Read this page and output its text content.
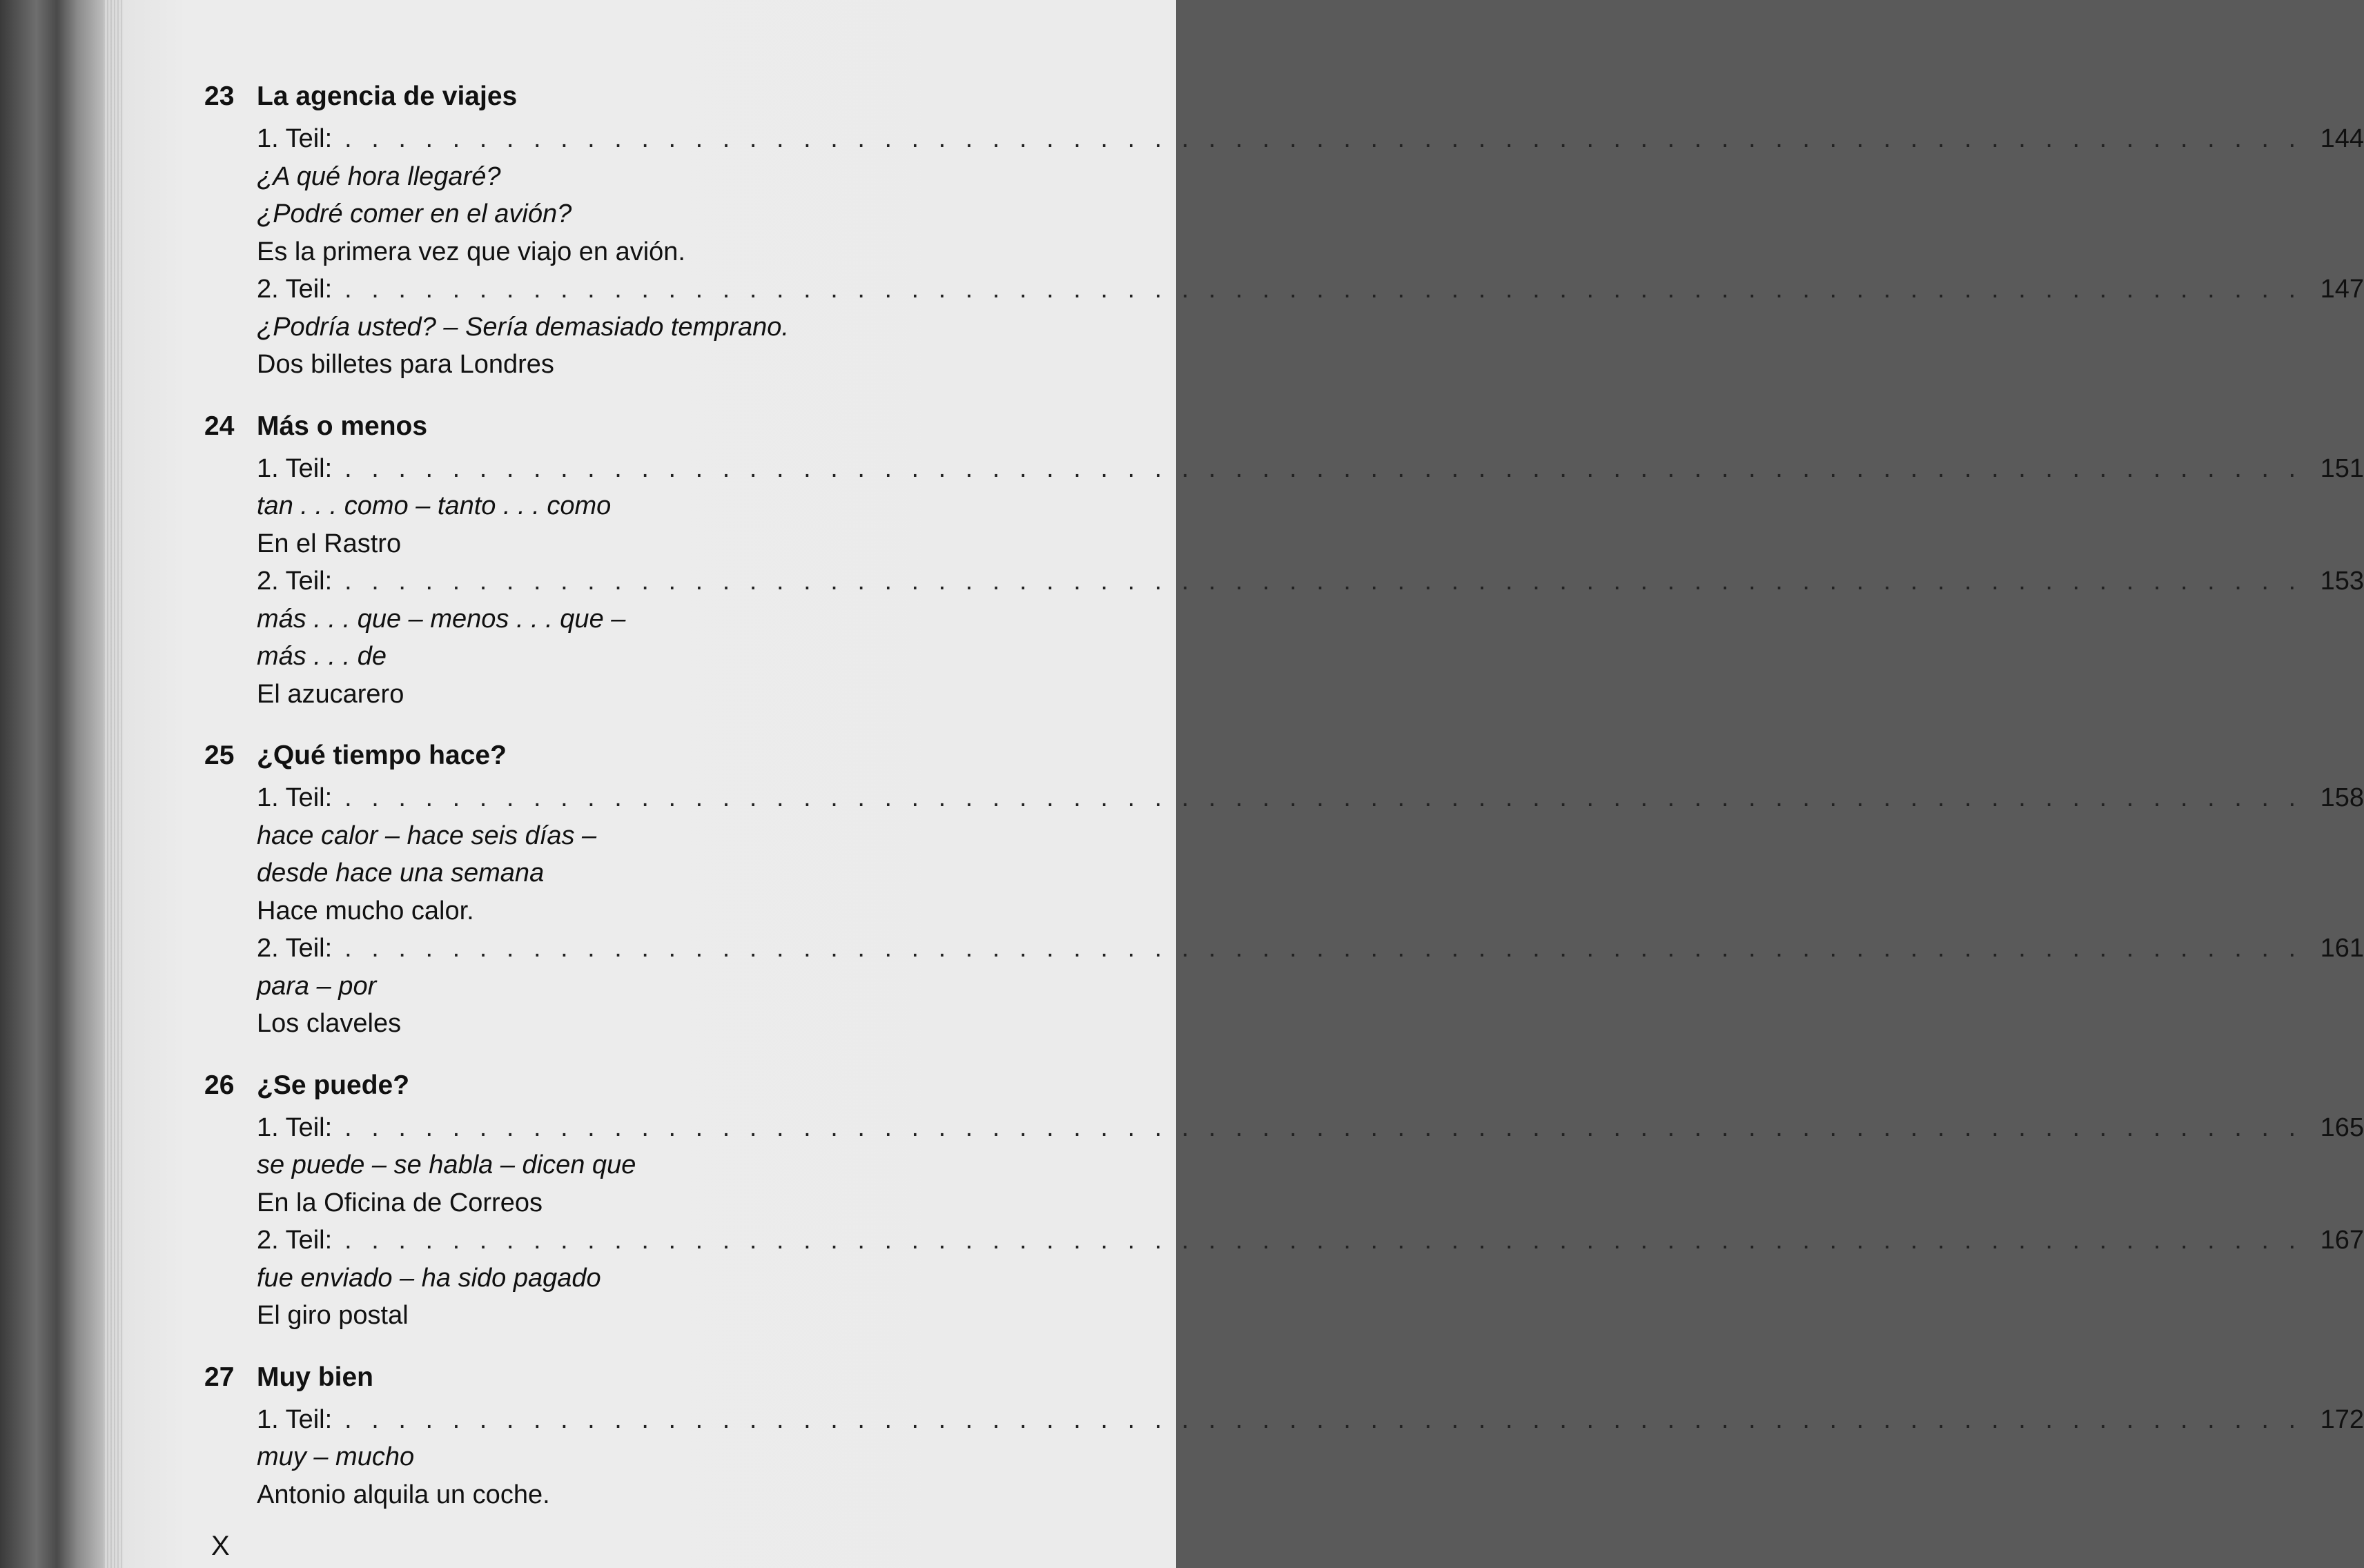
23 La agencia de viajes
1. Teil: . . . . . . . . . . . . . . . . . . . . . . . . . . . . . . . . . . . . . . . . . . . . . . . . . . . . . . . . . . . . . . . . . . . . . . . . . 144
¿A qué hora llegaré?
¿Podré comer en el avión?
Es la primera vez que viajo en avión.
2. Teil: . . . . . . . . . . . . . . . . . . . . . . . . . . . . . . . . . . . . . . . . . . . . . . . . . . . . . . . . . . . . . . . . . . . . . . . . . 147
¿Podría usted? – Sería demasiado temprano.
Dos billetes para Londres
24 Más o menos
1. Teil: . . . . . . . . . . . . . . . . . . . . . . . . . . . . . . . . . . . . . . . . . . . . . . . . . . . . . . . . . . . . . . . . . . . . . . . . . 151
tan . . . como – tanto . . . como
En el Rastro
2. Teil: . . . . . . . . . . . . . . . . . . . . . . . . . . . . . . . . . . . . . . . . . . . . . . . . . . . . . . . . . . . . . . . . . . . . . . . . . 153
más . . . que – menos . . . que –
más . . . de
El azucarero
25 ¿Qué tiempo hace?
1. Teil: . . . . . . . . . . . . . . . . . . . . . . . . . . . . . . . . . . . . . . . . . . . . . . . . . . . . . . . . . . . . . . . . . . . . . . . . . 158
hace calor – hace seis días –
desde hace una semana
Hace mucho calor.
2. Teil: . . . . . . . . . . . . . . . . . . . . . . . . . . . . . . . . . . . . . . . . . . . . . . . . . . . . . . . . . . . . . . . . . . . . . . . . . 161
para – por
Los claveles
26 ¿Se puede?
1. Teil: . . . . . . . . . . . . . . . . . . . . . . . . . . . . . . . . . . . . . . . . . . . . . . . . . . . . . . . . . . . . . . . . . . . . . . . . . 165
se puede – se habla – dicen que
En la Oficina de Correos
2. Teil: . . . . . . . . . . . . . . . . . . . . . . . . . . . . . . . . . . . . . . . . . . . . . . . . . . . . . . . . . . . . . . . . . . . . . . . . . 167
fue enviado – ha sido pagado
El giro postal
27 Muy bien
1. Teil: . . . . . . . . . . . . . . . . . . . . . . . . . . . . . . . . . . . . . . . . . . . . . . . . . . . . . . . . . . . . . . . . . . . . . . . . . 172
muy – mucho
Antonio alquila un coche.
X
